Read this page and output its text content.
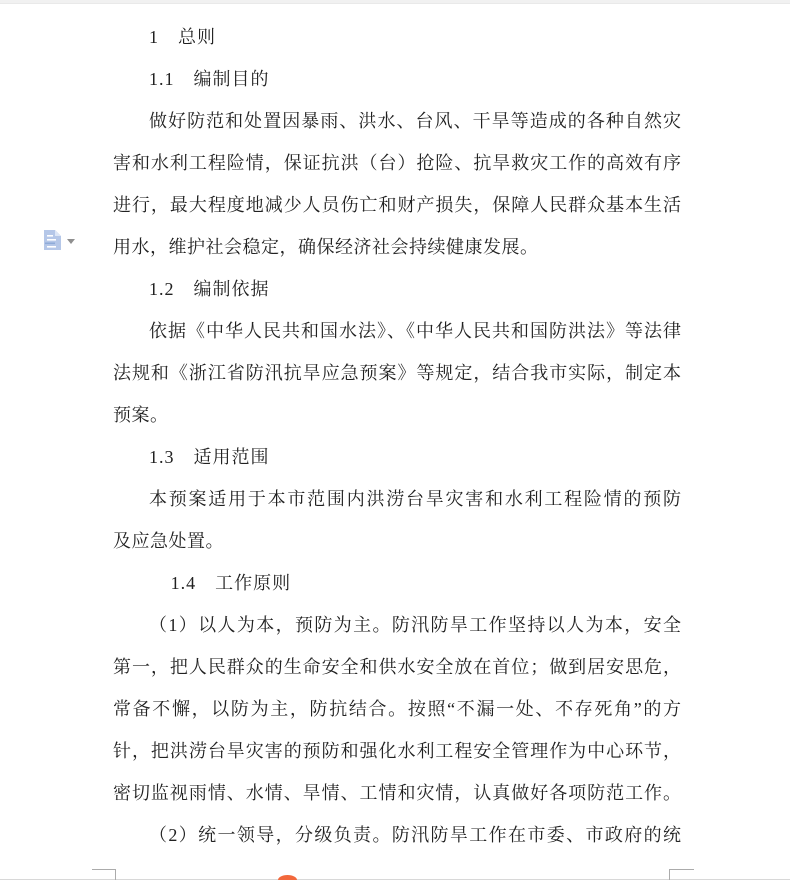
1　总则
1.1　编制目的
做好防范和处置因暴雨、洪水、台风、干旱等造成的各种自然灾
害和水利工程险情，保证抗洪（台）抢险、抗旱救灾工作的高效有序
进行，最大程度地减少人员伤亡和财产损失，保障人民群众基本生活
用水，维护社会稳定，确保经济社会持续健康发展。
1.2　编制依据
依据《中华人民共和国水法》、《中华人民共和国防洪法》等法律
法规和《浙江省防汛抗旱应急预案》等规定，结合我市实际，制定本
预案。
1.3　适用范围
本预案适用于本市范围内洪涝台旱灾害和水利工程险情的预防
及应急处置。
1.4　工作原则
（1）以人为本，预防为主。防汛防旱工作坚持以人为本，安全
第一，把人民群众的生命安全和供水安全放在首位；做到居安思危，
常备不懈，以防为主，防抗结合。按照“不漏一处、不存死角”的方
针，把洪涝台旱灾害的预防和强化水利工程安全管理作为中心环节，
密切监视雨情、水情、旱情、工情和灾情，认真做好各项防范工作。
（2）统一领导，分级负责。防汛防旱工作在市委、市政府的统
